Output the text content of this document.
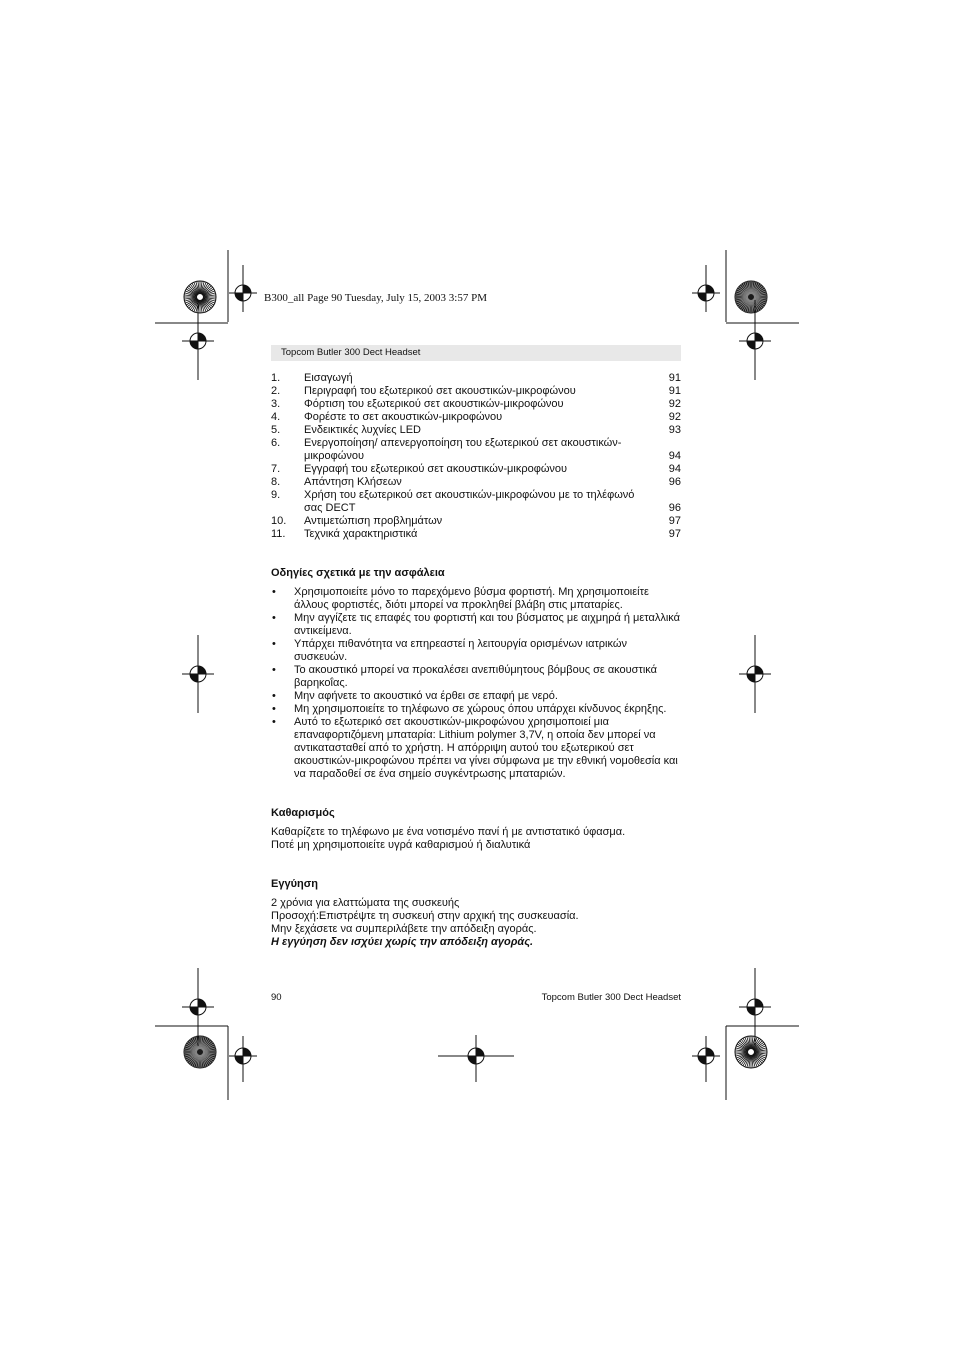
B300_all Page 90 Tuesday, July 15, 2003 3:57 PM
Topcom Butler 300 Dect Headset
1.	Εισαγωγή	91
2.	Περιγραφή του εξωτερικού σετ ακουστικών-μικροφώνου	91
3.	Φόρτιση του εξωτερικού σετ ακουστικών-μικροφώνου	92
4.	Φορέστε το σετ ακουστικών-μικροφώνου	92
5.	Ενδεικτικές λυχνίες LED	93
6.	Ενεργοποίηση/ απενεργοποίηση του εξωτερικού σετ ακουστικών-μικροφώνου	94
7.	Εγγραφή του εξωτερικού σετ ακουστικών-μικροφώνου	94
8.	Απάντηση Κλήσεων	96
9.	Χρήση του εξωτερικού σετ ακουστικών-μικροφώνου με το τηλέφωνό σας DECT	96
10.	Αντιμετώπιση προβλημάτων	97
11.	Τεχνικά χαρακτηριστικά	97
Οδηγίες σχετικά με την ασφάλεια
• Χρησιμοποιείτε μόνο το παρεχόμενο βύσμα φορτιστή. Μη χρησιμοποιείτε άλλους φορτιστές, διότι μπορεί να προκληθεί βλάβη στις μπαταρίες.
• Μην αγγίζετε τις επαφές του φορτιστή και του βύσματος με αιχμηρά ή μεταλλικά αντικείμενα.
• Υπάρχει πιθανότητα να επηρεαστεί η λειτουργία ορισμένων ιατρικών συσκευών.
• Το ακουστικό μπορεί να προκαλέσει ανεπιθύμητους βόμβους σε ακουστικά βαρηκοΐας.
• Μην αφήνετε το ακουστικό να έρθει σε επαφή με νερό.
• Μη χρησιμοποιείτε το τηλέφωνο σε χώρους όπου υπάρχει κίνδυνος έκρηξης.
• Αυτό το εξωτερικό σετ ακουστικών-μικροφώνου χρησιμοποιεί μια επαναφορτιζόμενη μπαταρία: Lithium polymer 3,7V, η οποία δεν μπορεί να αντικατασταθεί από το χρήστη. Η απόρριψη αυτού του εξωτερικού σετ ακουστικών-μικροφώνου πρέπει να γίνει σύμφωνα με την εθνική νομοθεσία και να παραδοθεί σε ένα σημείο συγκέντρωσης μπαταριών.
Καθαρισμός
Καθαρίζετε το τηλέφωνο με ένα νοτισμένο πανί ή με αντιστατικό ύφασμα.
Ποτέ μη χρησιμοποιείτε υγρά καθαρισμού ή διαλυτικά
Εγγύηση
2 χρόνια για ελαττώματα της συσκευής
Προσοχή:Επιστρέψτε τη συσκευή στην αρχική της συσκευασία.
Μην ξεχάσετε να συμπεριλάβετε την απόδειξη αγοράς.
Η εγγύηση δεν ισχύει χωρίς την απόδειξη αγοράς.
90	Topcom Butler 300 Dect Headset
